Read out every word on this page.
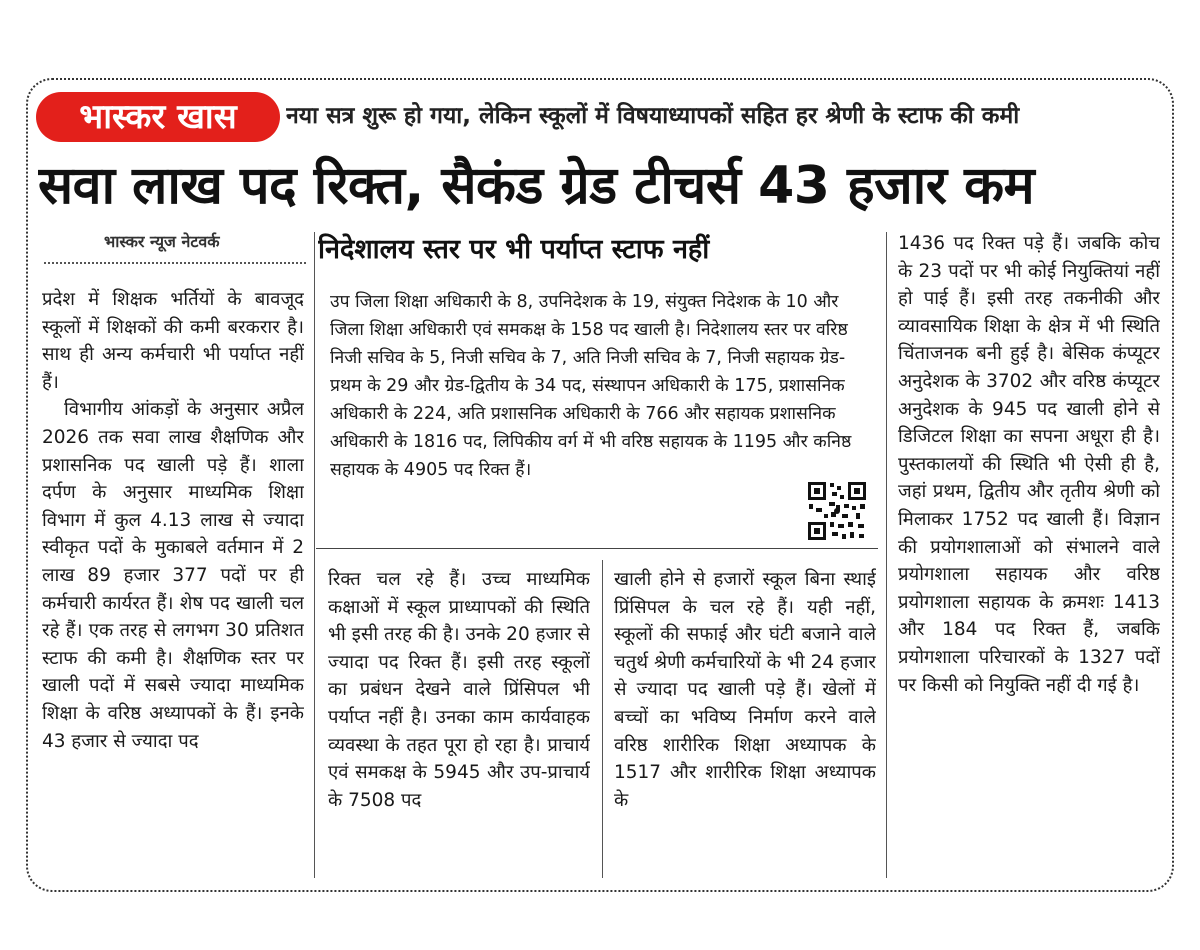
भास्कर खास	नया सत्र शुरू हो गया, लेकिन स्कूलों में विषयाध्यापकों सहित हर श्रेणी के स्टाफ की कमी
सवा लाख पद रिक्त, सैकंड ग्रेड टीचर्स 43 हजार कम
भास्कर न्यूज नेटवर्क

प्रदेश में शिक्षक भर्तियों के बावजूद स्कूलों में शिक्षकों की कमी बरकरार है। साथ ही अन्य कर्मचारी भी पर्याप्त नहीं हैं।

विभागीय आंकड़ों के अनुसार अप्रैल 2026 तक सवा लाख शैक्षणिक और प्रशासनिक पद खाली पड़े हैं। शाला दर्पण के अनुसार माध्यमिक शिक्षा विभाग में कुल 4.13 लाख से ज्यादा स्वीकृत पदों के मुकाबले वर्तमान में 2 लाख 89 हजार 377 पदों पर ही कर्मचारी कार्यरत हैं। शेष पद खाली चल रहे हैं। एक तरह से लगभग 30 प्रतिशत स्टाफ की कमी है। शैक्षणिक स्तर पर खाली पदों में सबसे ज्यादा माध्यमिक शिक्षा के वरिष्ठ अध्यापकों के हैं। इनके 43 हजार से ज्यादा पद

निदेशालय स्तर पर भी पर्याप्त स्टाफ नहीं
उप जिला शिक्षा अधिकारी के 8, उपनिदेशक के 19, संयुक्त निदेशक के 10 और जिला शिक्षा अधिकारी एवं समकक्ष के 158 पद खाली है। निदेशालय स्तर पर वरिष्ठ निजी सचिव के 5, निजी सचिव के 7, अति निजी सचिव के 7, निजी सहायक ग्रेड-प्रथम के 29 और ग्रेड-द्वितीय के 34 पद, संस्थापन अधिकारी के 175, प्रशासनिक अधिकारी के 224, अति प्रशासनिक अधिकारी के 766 और सहायक प्रशासनिक अधिकारी के 1816 पद, लिपिकीय वर्ग में भी वरिष्ठ सहायक के 1195 और कनिष्ठ सहायक के 4905 पद रिक्त हैं।
रिक्त चल रहे हैं। उच्च माध्यमिक कक्षाओं में स्कूल प्राध्यापकों की स्थिति भी इसी तरह की है। उनके 20 हजार से ज्यादा पद रिक्त हैं। इसी तरह स्कूलों का प्रबंधन देखने वाले प्रिंसिपल भी पर्याप्त नहीं है। उनका काम कार्यवाहक व्यवस्था के तहत पूरा हो रहा है। प्राचार्य एवं समकक्ष के 5945 और उप-प्राचार्य के 7508 पद
खाली होने से हजारों स्कूल बिना स्थाई प्रिंसिपल के चल रहे हैं। यही नहीं, स्कूलों की सफाई और घंटी बजाने वाले चतुर्थ श्रेणी कर्मचारियों के भी 24 हजार से ज्यादा पद खाली पड़े हैं। खेलों में बच्चों का भविष्य निर्माण करने वाले वरिष्ठ शारीरिक शिक्षा अध्यापक के 1517 और शारीरिक शिक्षा अध्यापक के
1436 पद रिक्त पड़े हैं। जबकि कोच के 23 पदों पर भी कोई नियुक्तियां नहीं हो पाई हैं। इसी तरह तकनीकी और व्यावसायिक शिक्षा के क्षेत्र में भी स्थिति चिंताजनक बनी हुई है। बेसिक कंप्यूटर अनुदेशक के 3702 और वरिष्ठ कंप्यूटर अनुदेशक के 945 पद खाली होने से डिजिटल शिक्षा का सपना अधूरा ही है। पुस्तकालयों की स्थिति भी ऐसी ही है, जहां प्रथम, द्वितीय और तृतीय श्रेणी को मिलाकर 1752 पद खाली हैं। विज्ञान की प्रयोगशालाओं को संभालने वाले प्रयोगशाला सहायक और वरिष्ठ प्रयोगशाला सहायक के क्रमशः 1413 और 184 पद रिक्त हैं, जबकि प्रयोगशाला परिचारकों के 1327 पदों पर किसी को नियुक्ति नहीं दी गई है।
